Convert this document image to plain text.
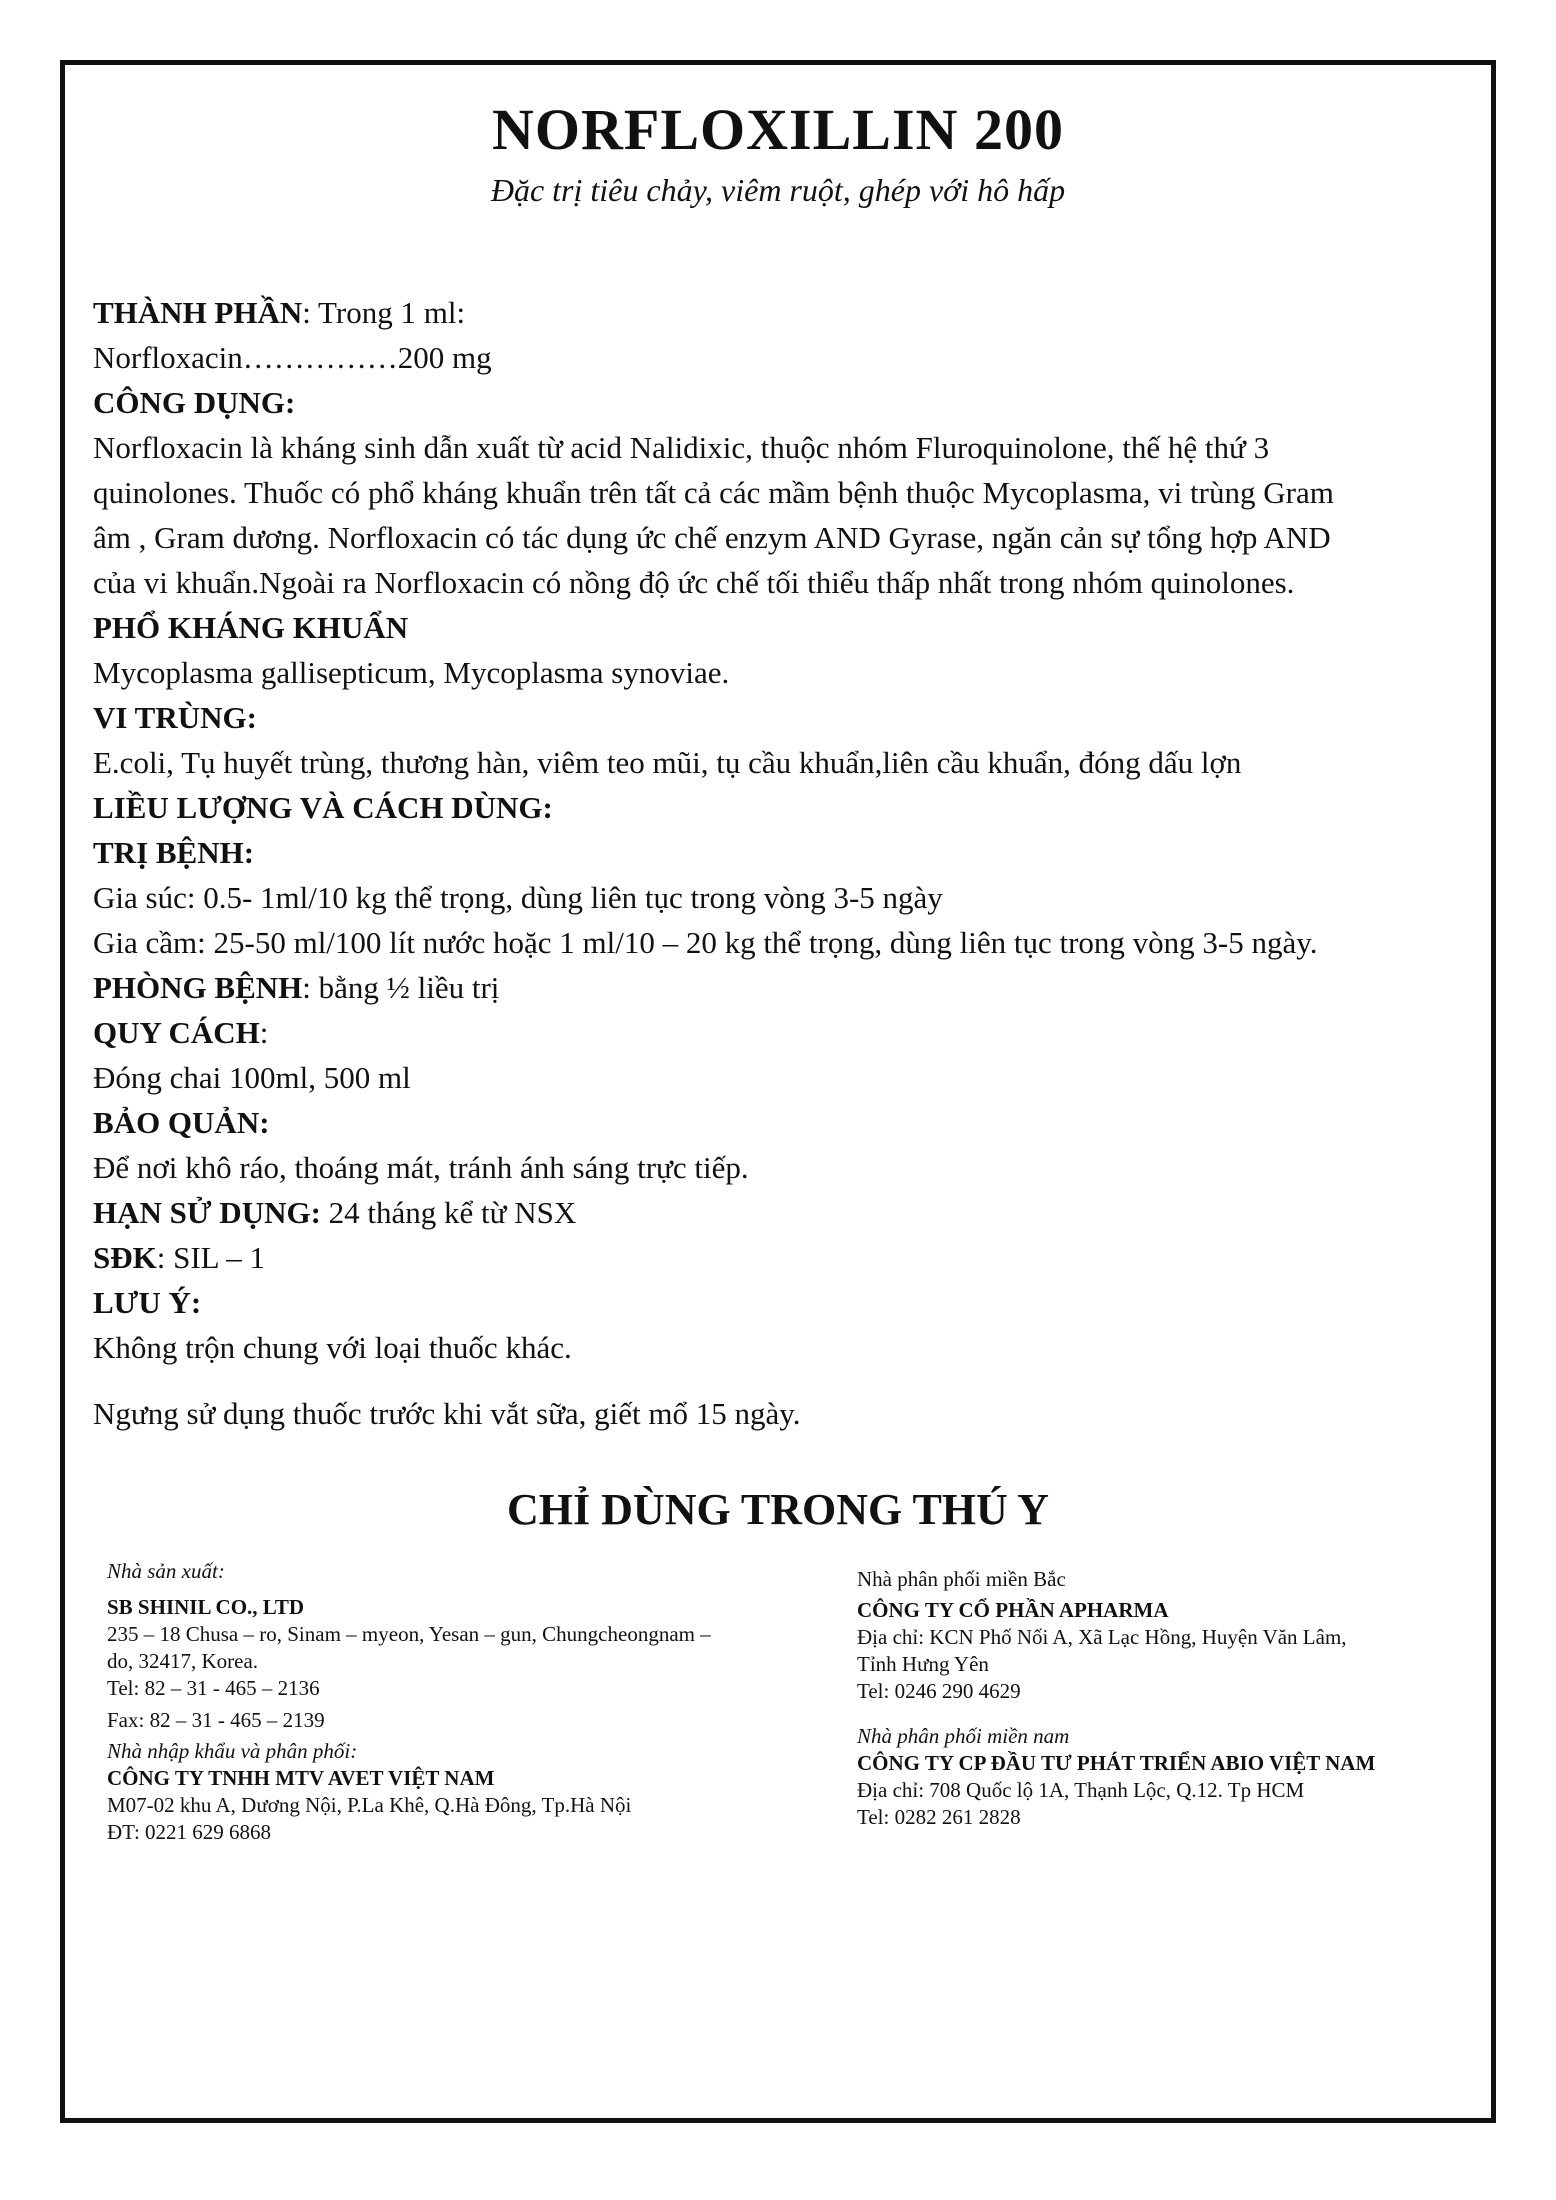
NORFLOXILLIN 200

Đặc trị tiêu chảy, viêm ruột, ghép với hô hấp

THÀNH PHẦN: Trong 1 ml:

Norfloxacin……………200 mg

CÔNG DỤNG:

Norfloxacin là kháng sinh dẫn xuất từ acid Nalidixic, thuộc nhóm Fluroquinolone, thế hệ thứ 3

quinolones. Thuốc có phổ kháng khuẩn trên tất cả các mầm bệnh thuộc Mycoplasma, vi trùng Gram

âm , Gram dương. Norfloxacin có tác dụng ức chế enzym AND Gyrase, ngăn cản sự tổng hợp AND

của vi khuẩn.Ngoài ra Norfloxacin có nồng độ ức chế tối thiểu thấp nhất trong nhóm quinolones.

PHỔ KHÁNG KHUẨN

Mycoplasma gallisepticum, Mycoplasma synoviae.

VI TRÙNG:

E.coli, Tụ huyết trùng, thương hàn, viêm teo mũi, tụ cầu khuẩn,liên cầu khuẩn, đóng dấu lợn

LIỀU LƯỢNG VÀ CÁCH DÙNG:

TRỊ BỆNH:

Gia súc: 0.5- 1ml/10 kg thể trọng, dùng liên tục trong vòng 3-5 ngày

Gia cầm: 25-50 ml/100 lít nước hoặc 1 ml/10 – 20 kg thể trọng, dùng liên tục trong vòng 3-5 ngày.

PHÒNG BỆNH: bằng ½ liều trị

QUY CÁCH:

Đóng chai 100ml, 500 ml

BẢO QUẢN:

Để nơi khô ráo, thoáng mát, tránh ánh sáng trực tiếp.

HẠN SỬ DỤNG: 24 tháng kể từ NSX

SĐK: SIL – 1

LƯU Ý:

Không trộn chung với loại thuốc khác.

Ngưng sử dụng thuốc trước khi vắt sữa, giết mổ 15 ngày.

CHỈ DÙNG TRONG THÚ Y

Nhà sản xuất:

SB SHINIL CO., LTD

235 – 18 Chusa – ro, Sinam – myeon, Yesan – gun, Chungcheongnam –

do, 32417, Korea.

Tel: 82 – 31 - 465 – 2136

Fax: 82 – 31 - 465 – 2139

Nhà nhập khẩu và phân phối:

CÔNG TY TNHH MTV AVET VIỆT NAM

M07-02 khu A, Dương Nội, P.La Khê, Q.Hà Đông, Tp.Hà Nội

ĐT: 0221 629 6868

Nhà phân phối miền Bắc

CÔNG TY CỔ PHẦN APHARMA

Địa chỉ: KCN Phố Nối A, Xã Lạc Hồng, Huyện Văn Lâm,

Tỉnh Hưng Yên

Tel: 0246 290 4629

Nhà phân phối miền nam

CÔNG TY CP ĐẦU TƯ PHÁT TRIỂN ABIO VIỆT NAM

Địa chỉ: 708 Quốc lộ 1A, Thạnh Lộc, Q.12. Tp HCM

Tel: 0282 261 2828
